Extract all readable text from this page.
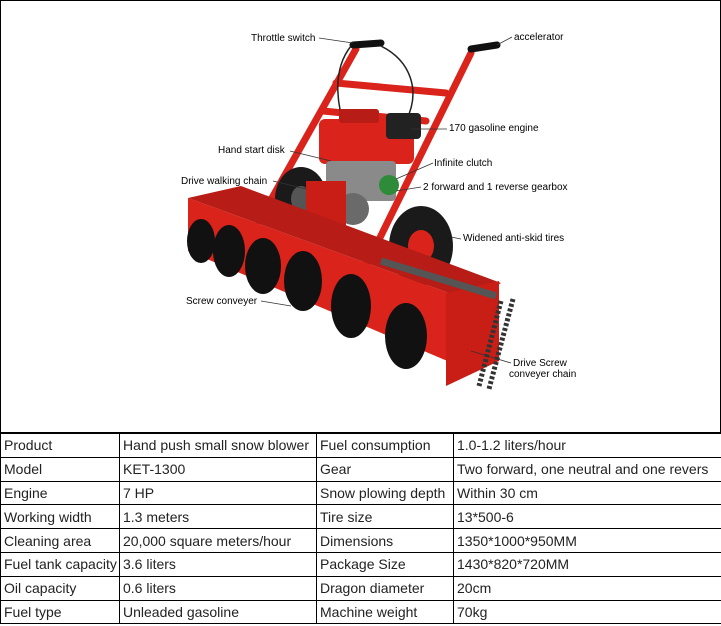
Throttle switch	accelerator
170 gasoline engine
Hand start disk
Infinite clutch
Drive walking chain
2 forward and 1 reverse gearbox
Widened anti-skid tires
Screw conveyer
Drive Screw
conveyer chain
Product	Hand push small snow blower	Fuel consumption	1.0-1.2 liters/hour
Model	KET-1300	Gear	Two forward, one neutral and one revers
Engine	7 HP	Snow plowing depth	Within 30 cm
Working width	1.3 meters	Tire size	13*500-6
Cleaning area	20,000 square meters/hour	Dimensions	1350*1000*950MM
Fuel tank capacity	3.6 liters	Package Size	1430*820*720MM
Oil capacity	0.6 liters	Dragon diameter	20cm
Fuel type	Unleaded gasoline	Machine weight	70kg
